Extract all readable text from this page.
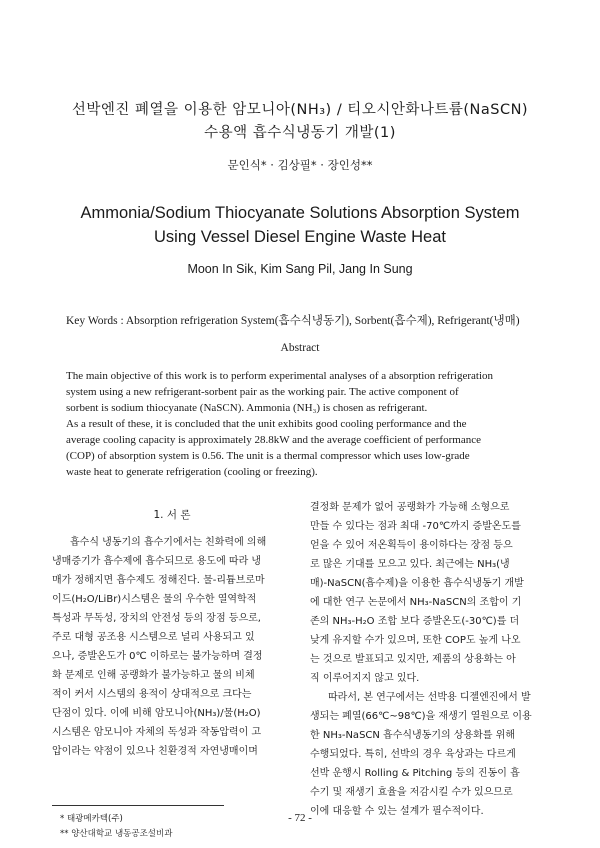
선박엔진 폐열을 이용한 암모니아(NH₃) / 티오시안화나트륨(NaSCN)
수용액 흡수식냉동기 개발(1)
문인식* · 김상필* · 장인성**
Ammonia/Sodium Thiocyanate Solutions Absorption System
Using Vessel Diesel Engine Waste Heat
Moon In Sik, Kim Sang Pil, Jang In Sung
Key Words : Absorption refrigeration System(흡수식냉동기), Sorbent(흡수제), Refrigerant(냉매)
Abstract

The main objective of this work is to perform experimental analyses of a absorption refrigeration

system using a new refrigerant-sorbent pair as the working pair. The active component of

sorbent is sodium thiocyanate (NaSCN). Ammonia (NH₃) is chosen as refrigerant.

As a result of these, it is concluded that the unit exhibits good cooling performance and the

average cooling capacity is approximately 28.8kW and the average coefficient of performance

(COP) of absorption system is 0.56. The unit is a thermal compressor which uses low-grade

waste heat to generate refrigeration (cooling or freezing).

1. 서 론

흡수식 냉동기의 흡수기에서는 친화력에 의해

냉매증기가 흡수제에 흡수되므로 용도에 따라 냉

매가 정해지면 흡수제도 정해진다. 물-리튬브로마

이드(H₂O/LiBr)시스템은 물의 우수한 열역학적

특성과 무독성, 장치의 안전성 등의 장점 등으로,

주로 대형 공조용 시스템으로 널리 사용되고 있

으나, 증발온도가 0℃ 이하로는 불가능하며 결정

화 문제로 인해 공랭화가 불가능하고 물의 비체

적이 커서 시스템의 용적이 상대적으로 크다는

단점이 있다. 이에 비해 암모니아(NH₃)/물(H₂O)

시스템은 암모니아 자체의 독성과 작동압력이 고

압이라는 약점이 있으나 친환경적 자연냉매이며

결정화 문제가 없어 공랭화가 가능해 소형으로

만들 수 있다는 점과 최대 -70℃까지 증발온도를

얻을 수 있어 저온획득이 용이하다는 장점 등으

로 많은 기대를 모으고 있다. 최근에는 NH₃(냉

매)-NaSCN(흡수제)을 이용한 흡수식냉동기 개발

에 대한 연구 논문에서 NH₃-NaSCN의 조합이 기

존의 NH₃-H₂O 조합 보다 증발온도(-30℃)를 더

낮게 유지할 수가 있으며, 또한 COP도 높게 나오

는 것으로 발표되고 있지만, 제품의 상용화는 아

직 이루어지지 않고 있다.

따라서, 본 연구에서는 선박용 디젤엔진에서 발

생되는 폐열(66℃~98℃)을 재생기 열원으로 이용

한 NH₃-NaSCN 흡수식냉동기의 상용화를 위해

수행되었다. 특히, 선박의 경우 육상과는 다르게

선박 운행시 Rolling & Pitching 등의 진동이 흡

수기 및 재생기 효율을 저감시킬 수가 있으므로

이에 대응할 수 있는 설계가 필수적이다.

* 태광메카텍(주)
** 양산대학교 냉동공조설비과
- 72 -
